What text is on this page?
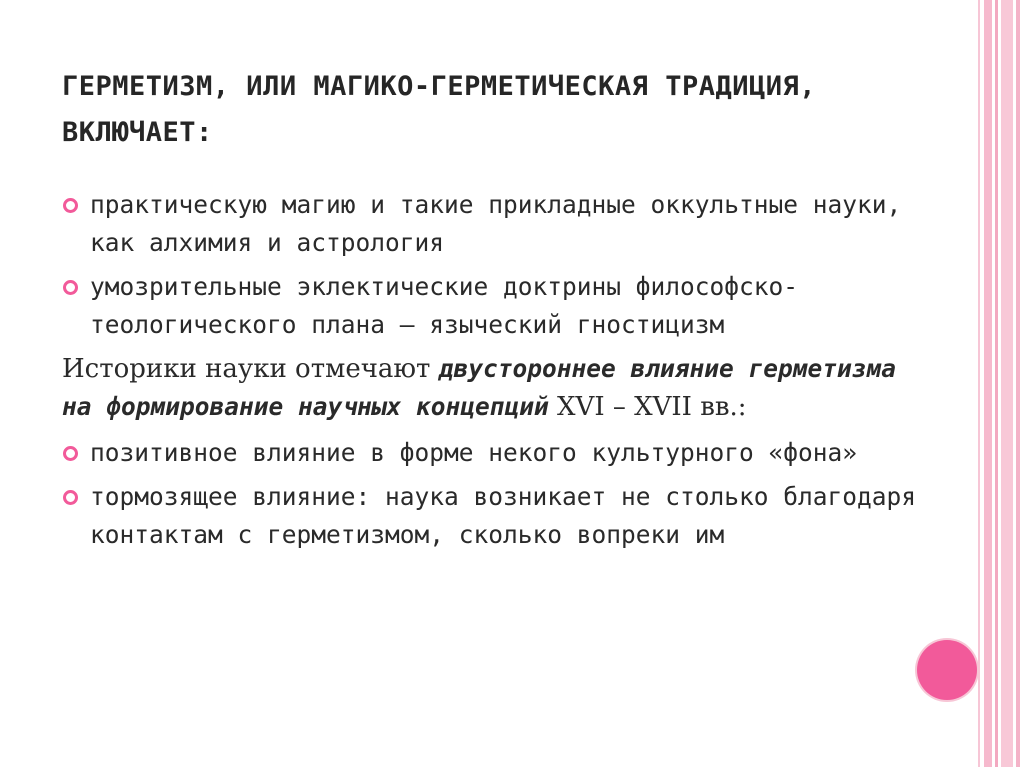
ГЕРМЕТИЗМ, ИЛИ МАГИКО-ГЕРМЕТИЧЕСКАЯ ТРАДИЦИЯ, ВКЛЮЧАЕТ:
практическую магию и такие прикладные оккультные науки, как алхимия и астрология
умозрительные эклектические доктрины философско-теологического плана – языческий гностицизм
Историки науки отмечают двустороннее влияние герметизма на формирование научных концепций XVI – XVII вв.:
позитивное влияние в форме некого культурного «фона»
тормозящее влияние: наука возникает не столько благодаря контактам с герметизмом, сколько вопреки им
